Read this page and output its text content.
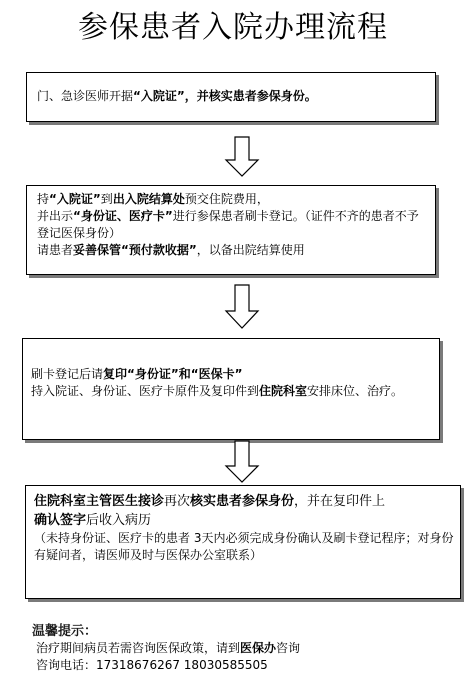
参保患者入院办理流程
门、急诊医师开据“入院证”，并核实患者参保身份。
持“入院证”到出入院结算处预交住院费用，
并出示“身份证、医疗卡”进行参保患者刷卡登记。（证件不齐的患者不予登记医保身份）
请患者妥善保管“预付款收据”，以备出院结算使用
刷卡登记后请复印“身份证”和“医保卡”
持入院证、身份证、医疗卡原件及复印件到住院科室安排床位、治疗。
住院科室主管医生接诊再次核实患者参保身份，并在复印件上
确认签字后收入病历
（未持身份证、医疗卡的患者 3天内必须完成身份确认及刷卡登记程序；对身份有疑问者，请医师及时与医保办公室联系）
温馨提示：
治疗期间病员若需咨询医保政策，请到医保办咨询
咨询电话：17318676267 18030585505
